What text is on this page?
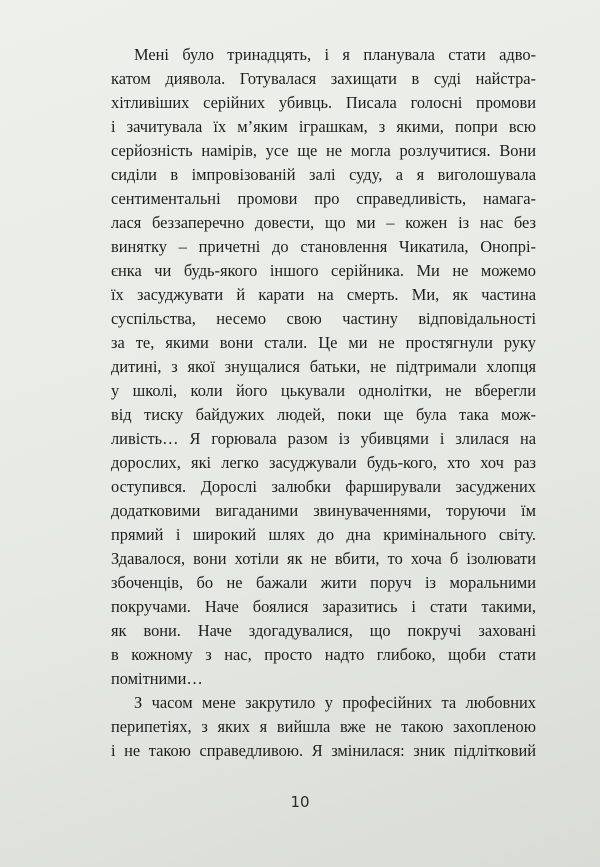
Мені було тринадцять, і я планувала стати адво-
катом диявола. Готувалася захищати в суді найстра-
хітливіших серійних убивць. Писала голосні промови
і зачитувала їх м’яким іграшкам, з якими, попри всю
серйозність намірів, усе ще не могла розлучитися. Вони
сиділи в імпровізованій залі суду, а я виголошувала
сентиментальні промови про справедливість, намага-
лася беззаперечно довести, що ми – кожен із нас без
винятку – причетні до становлення Чикатила, Онопрі-
єнка чи будь-якого іншого серійника. Ми не можемо
їх засуджувати й карати на смерть. Ми, як частина
суспільства, несемо свою частину відповідальності
за те, якими вони стали. Це ми не простягнули руку
дитині, з якої знущалися батьки, не підтримали хлопця
у школі, коли його цькували однолітки, не вберегли
від тиску байдужих людей, поки ще була така мож-
ливість… Я горювала разом із убивцями і злилася на
дорослих, які легко засуджували будь-кого, хто хоч раз
оступився. Дорослі залюбки фарширували засуджених
додатковими вигаданими звинуваченнями, торуючи їм
прямий і широкий шлях до дна кримінального світу.
Здавалося, вони хотіли як не вбити, то хоча б ізолювати
збоченців, бо не бажали жити поруч із моральними
покручами. Наче боялися заразитись і стати такими,
як вони. Наче здогадувалися, що покручі заховані
в кожному з нас, просто надто глибоко, щоби стати
помітними…
З часом мене закрутило у професійних та любовних
перипетіях, з яких я вийшла вже не такою захопленою
і не такою справедливою. Я змінилася: зник підлітковий
10
